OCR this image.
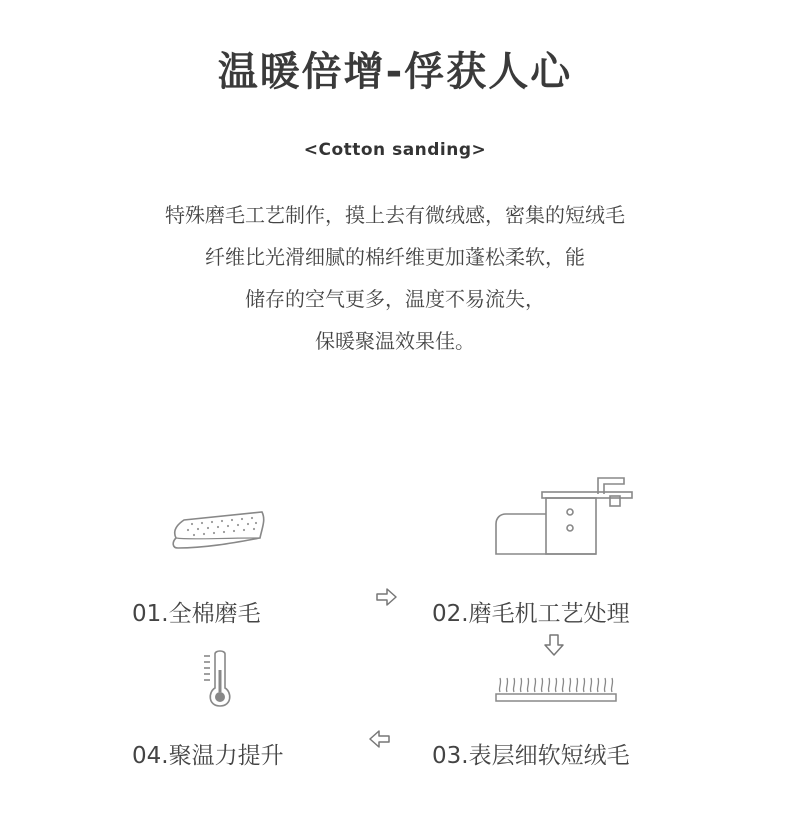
温暖倍增-俘获人心
<Cotton sanding>
特殊磨毛工艺制作，摸上去有微绒感，密集的短绒毛
纤维比光滑细腻的棉纤维更加蓬松柔软，能
储存的空气更多，温度不易流失，
保暖聚温效果佳。
01.全棉磨毛	02.磨毛机工艺处理
03.表层细软短绒毛
04.聚温力提升
